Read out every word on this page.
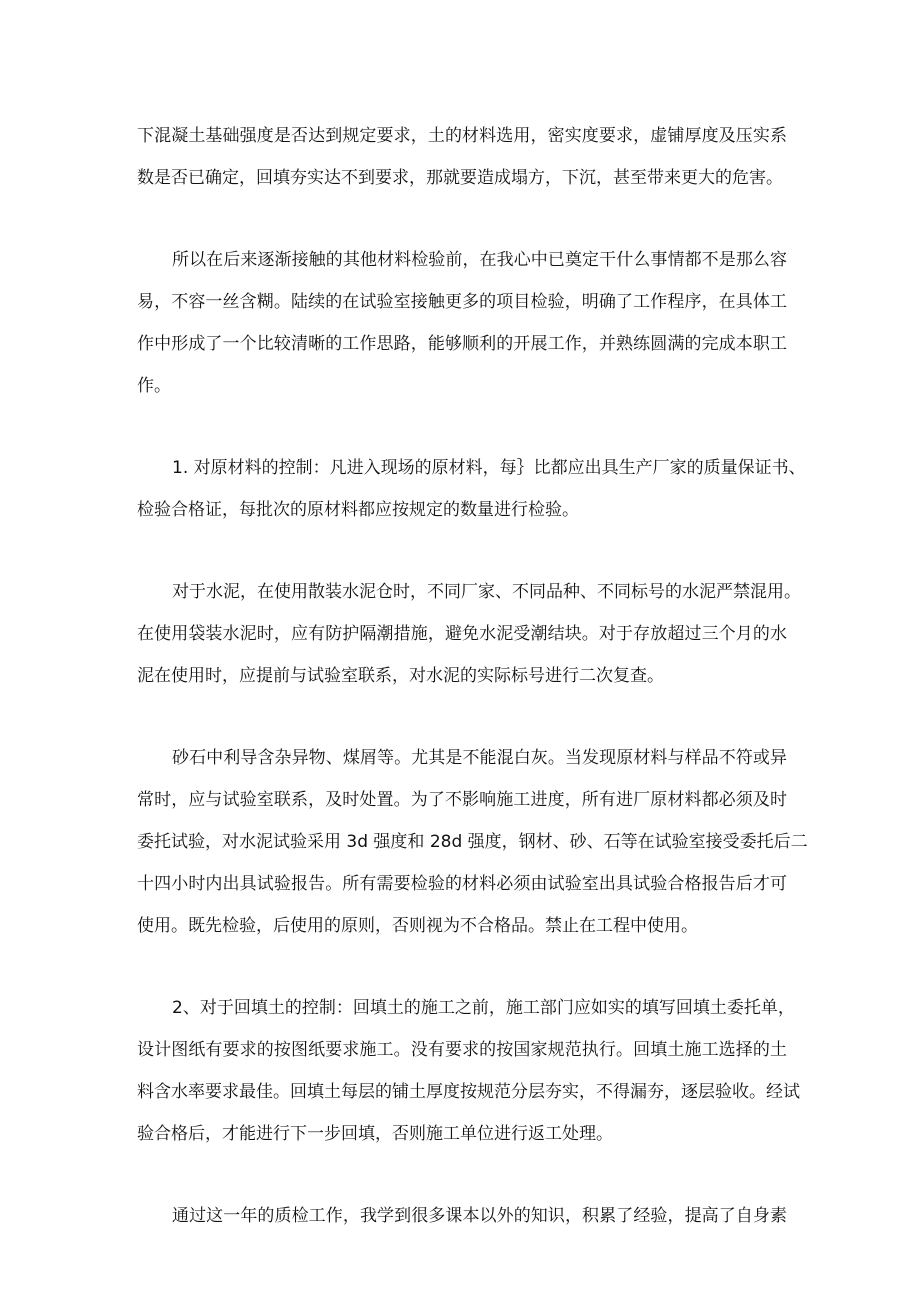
下混凝土基础强度是否达到规定要求，土的材料选用，密实度要求，虚铺厚度及压实系
数是否已确定，回填夯实达不到要求，那就要造成塌方，下沉，甚至带来更大的危害。
所以在后来逐渐接触的其他材料检验前，在我心中已奠定干什么事情都不是那么容
易，不容一丝含糊。陆续的在试验室接触更多的项目检验，明确了工作程序，在具体工
作中形成了一个比较清晰的工作思路，能够顺利的开展工作，并熟练圆满的完成本职工
作。
1. 对原材料的控制：凡进入现场的原材料，每｝比都应出具生产厂家的质量保证书、
检验合格证，每批次的原材料都应按规定的数量进行检验。
对于水泥，在使用散装水泥仓时，不同厂家、不同品种、不同标号的水泥严禁混用。
在使用袋装水泥时，应有防护隔潮措施，避免水泥受潮结块。对于存放超过三个月的水
泥在使用时，应提前与试验室联系，对水泥的实际标号进行二次复查。
砂石中利导含杂异物、煤屑等。尤其是不能混白灰。当发现原材料与样品不符或异
常时，应与试验室联系，及时处置。为了不影响施工进度，所有进厂原材料都必须及时
委托试验，对水泥试验采用 3d 强度和 28d 强度，钢材、砂、石等在试验室接受委托后二
十四小时内出具试验报告。所有需要检验的材料必须由试验室出具试验合格报告后才可
使用。既先检验，后使用的原则，否则视为不合格品。禁止在工程中使用。
2、对于回填土的控制：回填土的施工之前，施工部门应如实的填写回填土委托单，
设计图纸有要求的按图纸要求施工。没有要求的按国家规范执行。回填土施工选择的土
料含水率要求最佳。回填土每层的铺土厚度按规范分层夯实，不得漏夯，逐层验收。经试
验合格后，才能进行下一步回填，否则施工单位进行返工处理。
通过这一年的质检工作，我学到很多课本以外的知识，积累了经验，提高了自身素
